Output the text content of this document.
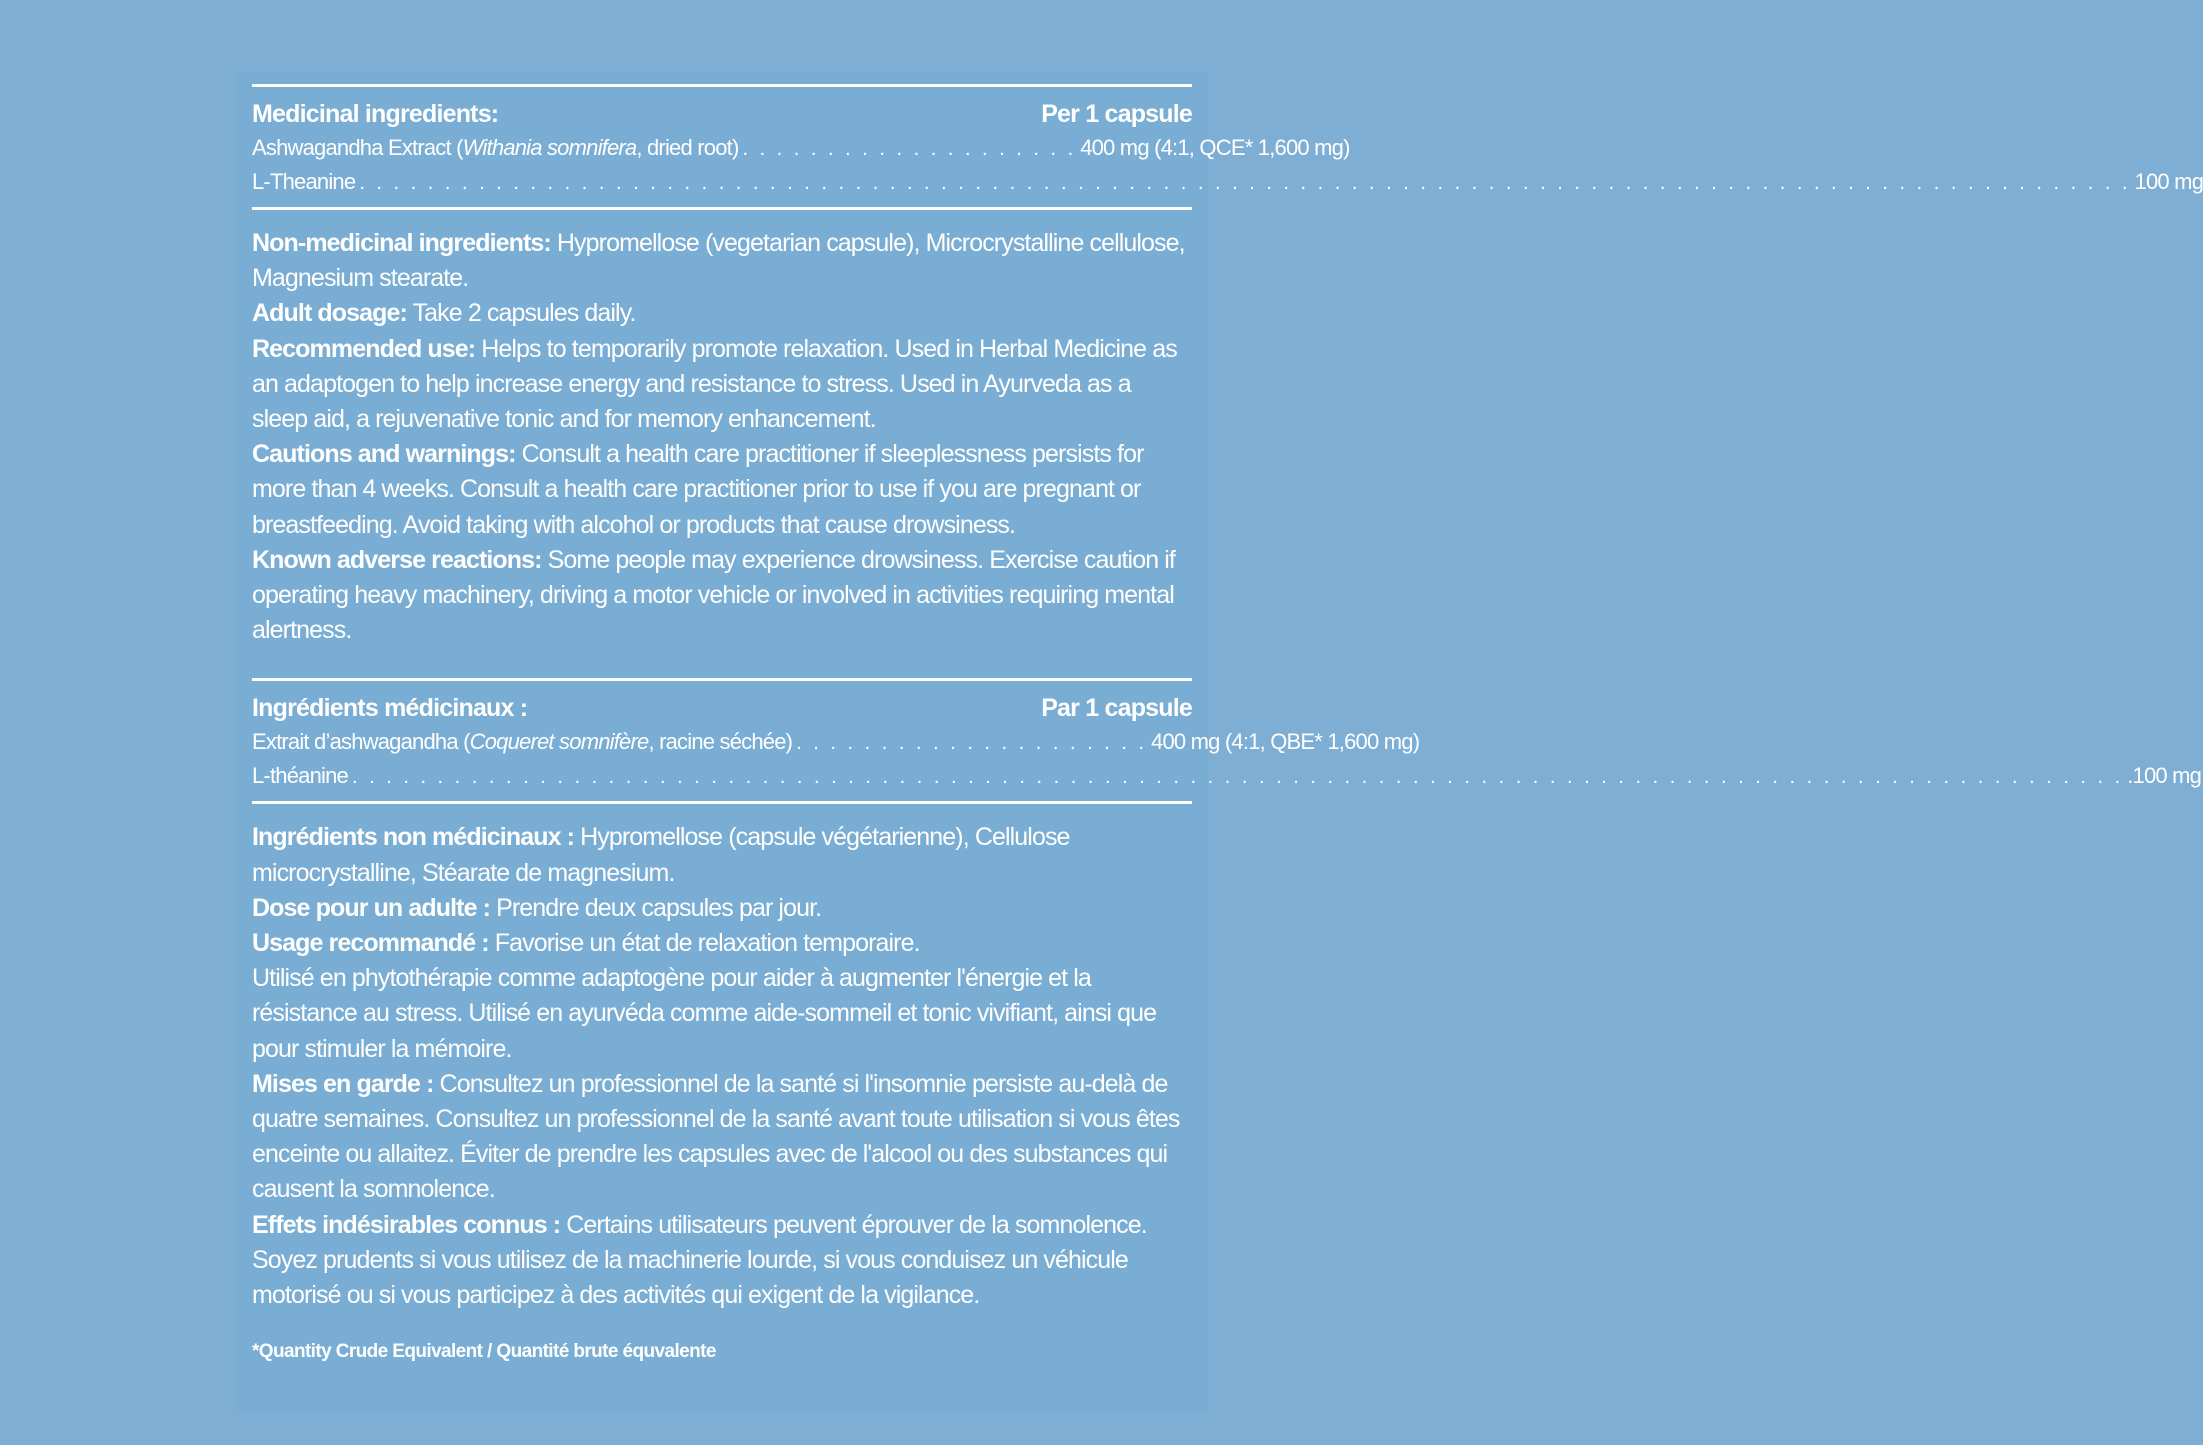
Medicinal ingredients:	Per 1 capsule
Ashwagandha Extract (Withania somnifera, dried root) . . . . . . . . . . . . . . . . . . . . 400 mg (4:1, QCE* 1,600 mg)
L-Theanine . . . . . . . . . . . . . . . . . . . . . . . . . . . . . . . . . . . . . . . . . . . . . . . . . . . . . . . . . . . . . . . . . . . . . . . . . . . . . . . . . . . . . . . . . . . . . . . . . . . . . . . . 100 mg
Non-medicinal ingredients: Hypromellose (vegetarian capsule), Microcrystalline cellulose, Magnesium stearate.
Adult dosage: Take 2 capsules daily.
Recommended use: Helps to temporarily promote relaxation. Used in Herbal Medicine as an adaptogen to help increase energy and resistance to stress. Used in Ayurveda as a sleep aid, a rejuvenative tonic and for memory enhancement.
Cautions and warnings: Consult a health care practitioner if sleeplessness persists for more than 4 weeks. Consult a health care practitioner prior to use if you are pregnant or breastfeeding. Avoid taking with alcohol or products that cause drowsiness.
Known adverse reactions: Some people may experience drowsiness. Exercise caution if operating heavy machinery, driving a motor vehicle or involved in activities requiring mental alertness.
Ingrédients médicinaux :	Par 1 capsule
Extrait d’ashwagandha (Coqueret somnifère, racine séchée) . . . . . . . . . . . . . . . . . . . . . 400 mg (4:1, QBE* 1,600 mg)
L-théanine . . . . . . . . . . . . . . . . . . . . . . . . . . . . . . . . . . . . . . . . . . . . . . . . . . . . . . . . . . . . . . . . . . . . . . . . . . . . . . . . . . . . . . . . . . . . . . . . . . . . . . . . .100 mg
Ingrédients non médicinaux : Hypromellose (capsule végétarienne), Cellulose microcrystalline, Stéarate de magnesium.
Dose pour un adulte : Prendre deux capsules par jour.
Usage recommandé : Favorise un état de relaxation temporaire.
Utilisé en phytothérapie comme adaptogène pour aider à augmenter l'énergie et la résistance au stress. Utilisé en ayurvéda comme aide-sommeil et tonic vivifiant, ainsi que pour stimuler la mémoire.
Mises en garde : Consultez un professionnel de la santé si l'insomnie persiste au-delà de quatre semaines. Consultez un professionnel de la santé avant toute utilisation si vous êtes enceinte ou allaitez. Éviter de prendre les capsules avec de l'alcool ou des substances qui causent la somnolence.
Effets indésirables connus : Certains utilisateurs peuvent éprouver de la somnolence. Soyez prudents si vous utilisez de la machinerie lourde, si vous conduisez un véhicule motorisé ou si vous participez à des activités qui exigent de la vigilance.
*Quantity Crude Equivalent / Quantité brute équvalente
